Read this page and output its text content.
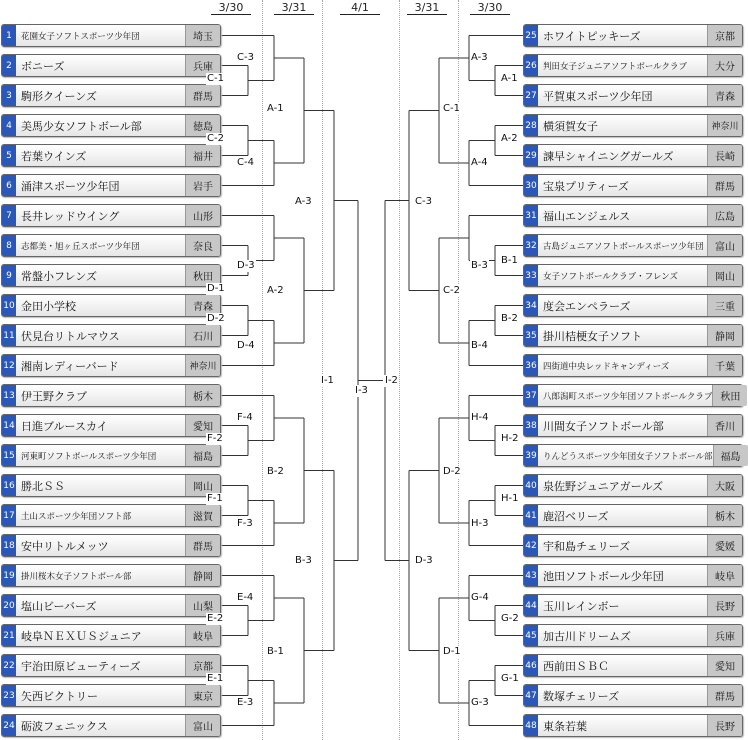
3/30	3/31	4/1	3/31	3/30
1	花園女子ソフトスポーツ少年団	埼玉
2 ボニーズ	兵庫
3 駒形クイーンズ	群馬
4 美馬少女ソフトボール部	徳島
5 若葉ウインズ	福井
6 涌津スポーツ少年団	岩手
7 長井レッドウイング	山形
8	志都美・旭ヶ丘スポーツ少年団	奈良
9 常盤小フレンズ	秋田
10 金田小学校	青森
11 伏見台リトルマウス	石川
12 湘南レディーバード	神奈川
13 伊王野クラブ	栃木
14 日進ブルースカイ	愛知
15 河東町ソフトボールスポーツ少年団	福島
16 勝北ＳＳ	岡山
17 土山スポーツ少年団ソフト部	滋賀
18 安中リトルメッツ	群馬
19 掛川桜木女子ソフトボール部	静岡
20 塩山ビーバーズ	山梨
21 岐阜ＮＥＸＵＳジュニア	岐阜
22 宇治田原ビューティーズ	京都
23 矢西ビクトリー	東京
24 砺波フェニックス	富山
25 ホワイトピッキーズ	京都
26 判田女子ジュニアソフトボールクラブ	大分
27 平賀東スポーツ少年団	青森
28 横須賀女子	神奈川
29 諫早シャイニングガールズ	長崎
30 宝泉プリティーズ	群馬
31 福山エンジェルス	広島
32 古島ジュニアソフトボールスポーツ少年団	富山
33 女子ソフトボールクラブ・フレンズ	岡山
34 度会エンペラーズ	三重
35 掛川桔梗女子ソフト	静岡
36 四街道中央レッドキャンディーズ	千葉
37 八郎潟町スポーツ少年団ソフトボールクラブ 秋田
38 川間女子ソフトボール部	香川
39 りんどうスポーツ少年団女子ソフトボール部 福島
40 泉佐野ジュニアガールズ	大阪
41 鹿沼ベリーズ	栃木
42 宇和島チェリーズ	愛媛
43 池田ソフトボール少年団	岐阜
44 玉川レインボー	長野
45 加古川ドリームズ	兵庫
46 西前田ＳＢＣ	愛知
47 数塚チェリーズ	群馬
48 東条若葉	長野
C-3
C-1
C-2
C-4
A-1
D-3
D-1
D-2
D-4
A-2
A-3
F-4
F-2
F-1
F-3
B-2
E-4
E-2
E-1
E-3
B-1
B-3
I-1
I-3
I-2
A-3
A-1
A-2
A-4
C-1
C-3
B-3 B-1
B-2
B-4
C-2
H-4
H-2
H-1
H-3
D-2
G-4
G-2
G-1
G-3
D-1
D-3
